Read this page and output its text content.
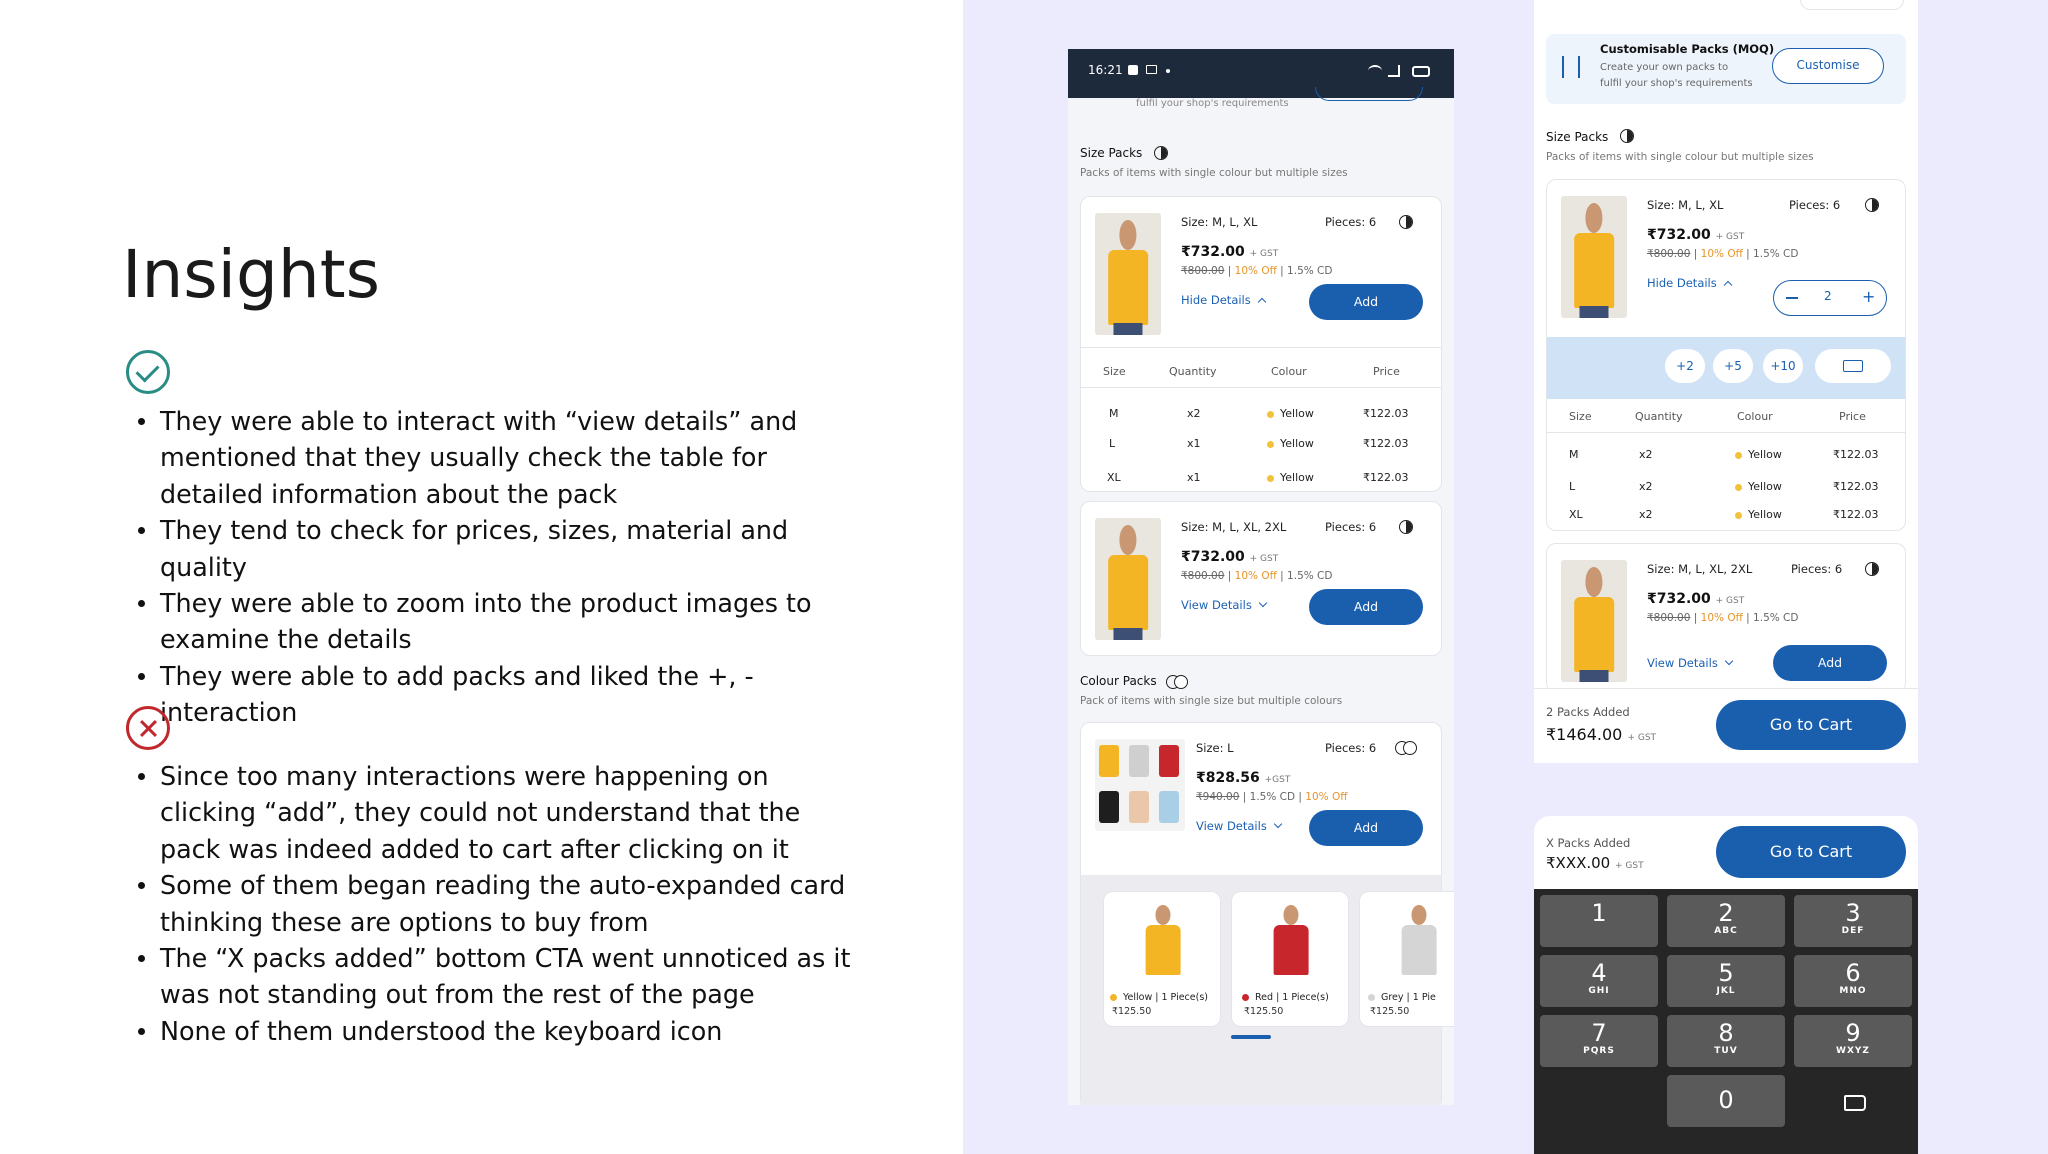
Insights
They were able to interact with “view details” and mentioned that they usually check the table for detailed information about the pack
They tend to check for prices, sizes, material and quality
They were able to zoom into the product images to examine the details
They were able to add packs and liked the +, - interaction
Since too many interactions were happening on clicking “add”, they could not understand that the pack was indeed added to cart after clicking on it
Some of them began reading the auto-expanded card thinking these are options to buy from
The “X packs added” bottom CTA went unnoticed as it was not standing out from the rest of the page
None of them understood the keyboard icon
16:21
fulfil your shop's requirements
Size Packs
Packs of items with single colour but multiple sizes
Size: M, L, XL	Pieces: 6
₹732.00 + GST
₹800.00 | 10% Off | 1.5% CD
Hide Details	Add
Size	Quantity	Colour	Price
M	x2	Yellow	₹122.03
L	x1	Yellow	₹122.03
XL	x1	Yellow	₹122.03
Size: M, L, XL, 2XL	Pieces: 6
₹732.00 + GST
₹800.00 | 10% Off | 1.5% CD
View Details	Add
Colour Packs
Pack of items with single size but multiple colours
Size: L	Pieces: 6
₹828.56 +GST
₹940.00 | 1.5% CD | 10% Off
View Details	Add
Yellow | 1 Piece(s)
₹125.50
Red | 1 Piece(s)
₹125.50
Grey | 1 Pie
₹125.50
Customisable Packs (MOQ)
Create your own packs to
fulfil your shop's requirements
Customise
Size Packs
Packs of items with single colour but multiple sizes
Size: M, L, XL	Pieces: 6
₹732.00 + GST
₹800.00 | 10% Off | 1.5% CD
Hide Details
2 +
+2	+5	+10
Size	Quantity	Colour	Price
M	x2	Yellow	₹122.03
L	x2	Yellow	₹122.03
XL	x2	Yellow	₹122.03
Size: M, L, XL, 2XL	Pieces: 6
₹732.00 + GST
₹800.00 | 10% Off | 1.5% CD
View Details	Add
2 Packs Added
₹1464.00 + GST
Go to Cart
X Packs Added
₹XXX.00 + GST
Go to Cart
1	2
ABC
3
DEF
4
GHI
5
JKL
6
MNO
7
PQRS
8
TUV
9
WXYZ
0
